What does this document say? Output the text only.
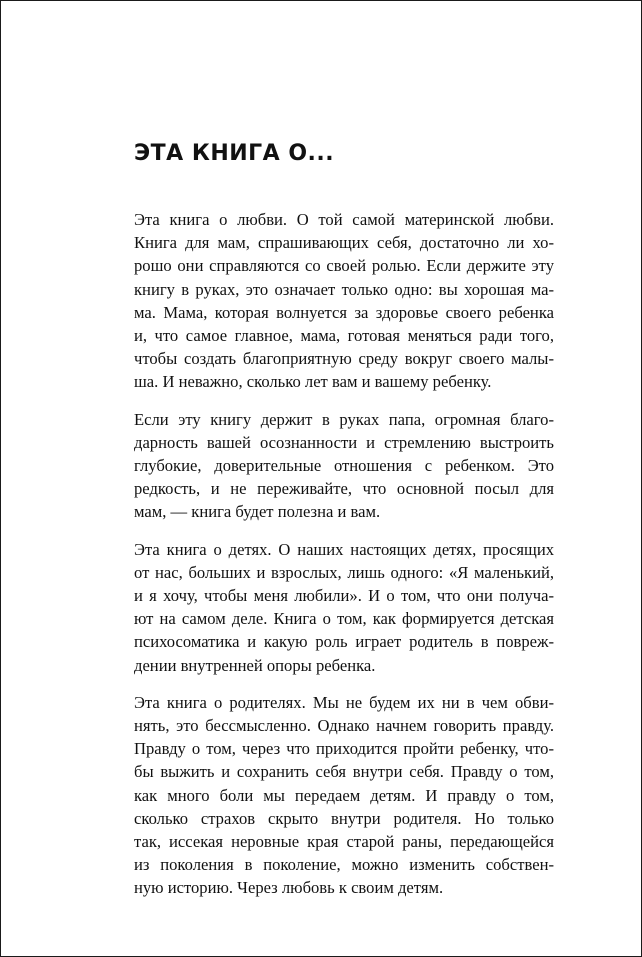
ЭТА КНИГА О...

Эта книга о любви. О той самой материнской любви.
Книга для мам, спрашивающих себя, достаточно ли хо-
рошо они справляются со своей ролью. Если держите эту
книгу в руках, это означает только одно: вы хорошая ма-
ма. Мама, которая волнуется за здоровье своего ребенка
и, что самое главное, мама, готовая меняться ради того,
чтобы создать благоприятную среду вокруг своего малы-
ша. И неважно, сколько лет вам и вашему ребенку.

Если эту книгу держит в руках папа, огромная благо-
дарность вашей осознанности и стремлению выстроить
глубокие, доверительные отношения с ребенком. Это
редкость, и не переживайте, что основной посыл для
мам, — книга будет полезна и вам.

Эта книга о детях. О наших настоящих детях, просящих
от нас, больших и взрослых, лишь одного: «Я маленький,
и я хочу, чтобы меня любили». И о том, что они получа-
ют на самом деле. Книга о том, как формируется детская
психосоматика и какую роль играет родитель в повреж-
дении внутренней опоры ребенка.

Эта книга о родителях. Мы не будем их ни в чем обви-
нять, это бессмысленно. Однако начнем говорить правду.
Правду о том, через что приходится пройти ребенку, что-
бы выжить и сохранить себя внутри себя. Правду о том,
как много боли мы передаем детям. И правду о том,
сколько страхов скрыто внутри родителя. Но только
так, иссекая неровные края старой раны, передающейся
из поколения в поколение, можно изменить собствен-
ную историю. Через любовь к своим детям.
